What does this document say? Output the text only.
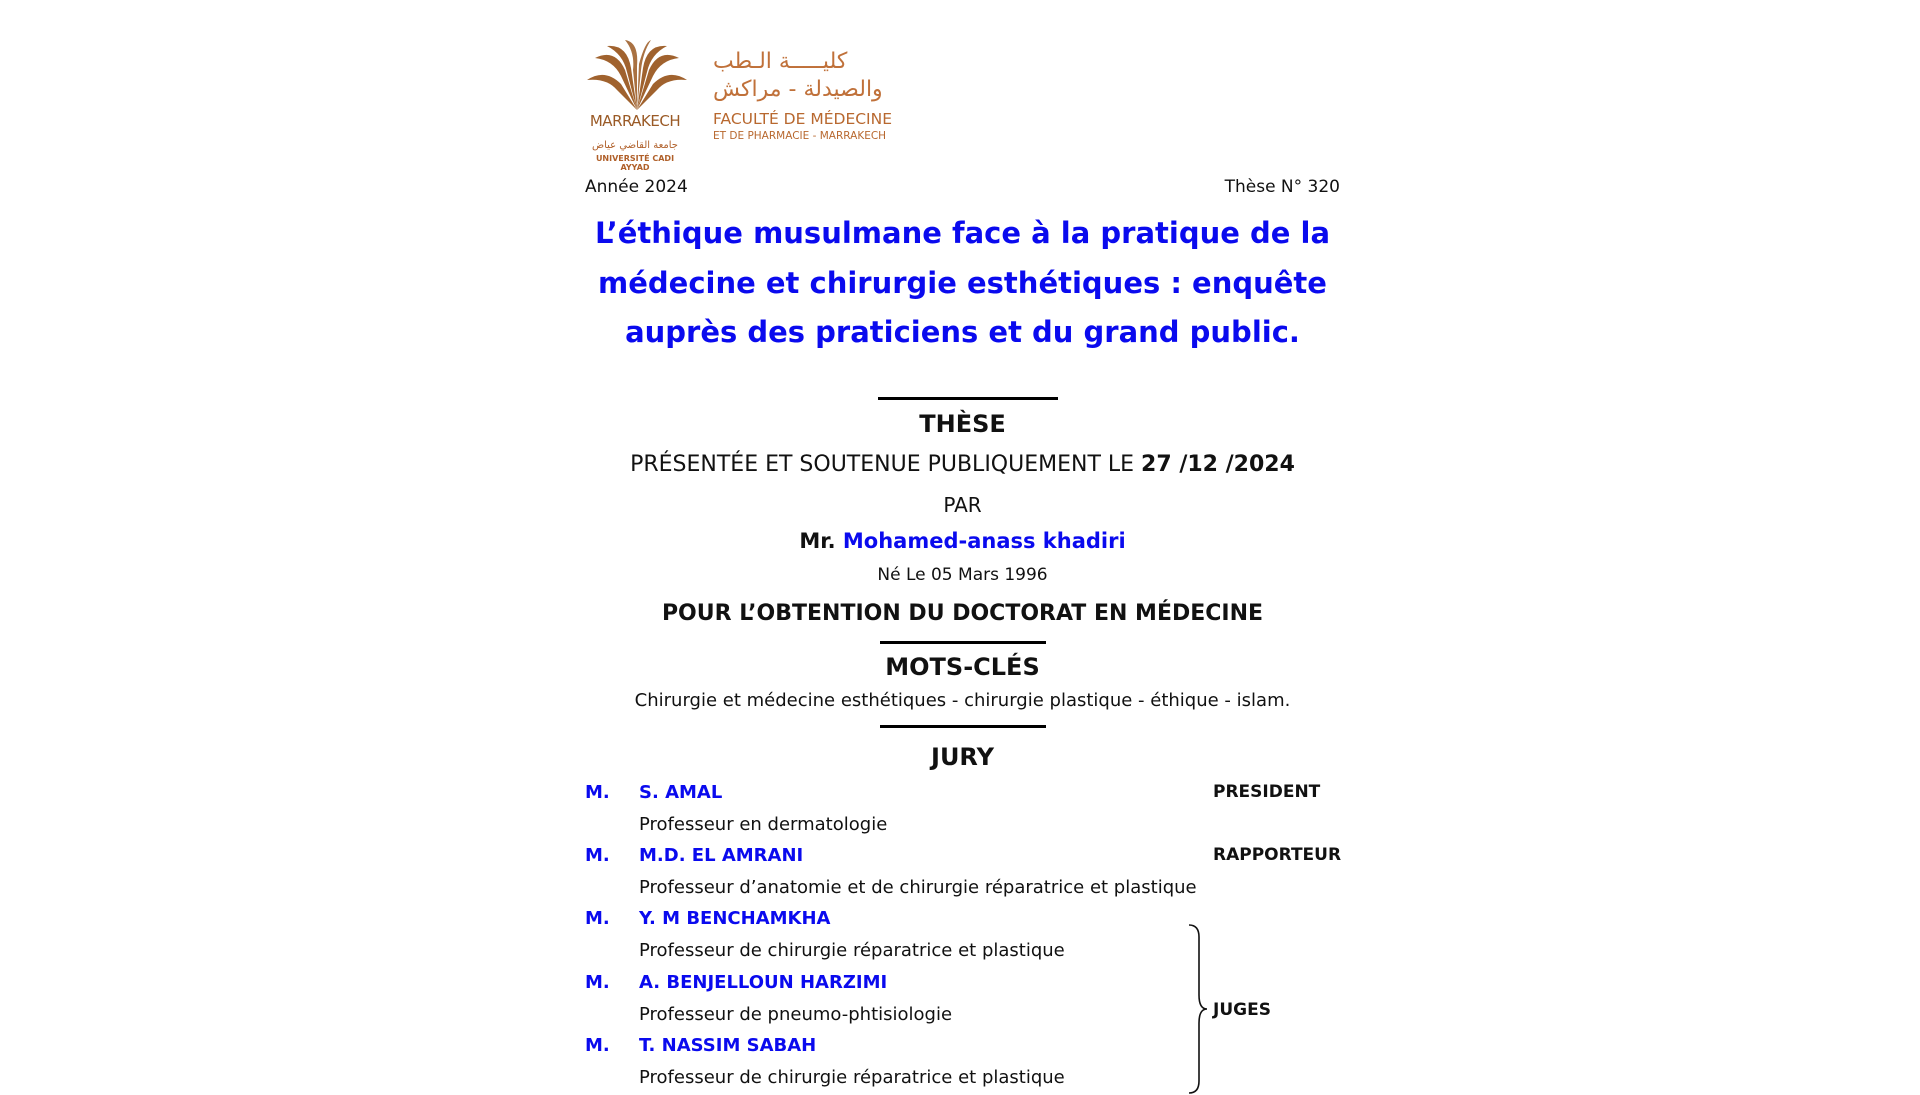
MARRAKECH
جامعة القاضي عياض
UNIVERSITÉ CADI AYYAD
كليـــــة الـطب
والصيدلة - مراكش
FACULTÉ DE MÉDECINE
ET DE PHARMACIE - MARRAKECH
Année 2024	Thèse N° 320
L’éthique musulmane face à la pratique de la
médecine et chirurgie esthétiques : enquête
auprès des praticiens et du grand public.
THÈSE
PRÉSENTÉE ET SOUTENUE PUBLIQUEMENT LE 27 /12 /2024
PAR
Mr. Mohamed-anass khadiri
Né Le 05 Mars 1996
POUR L’OBTENTION DU DOCTORAT EN MÉDECINE
MOTS-CLÉS
Chirurgie et médecine esthétiques - chirurgie plastique - éthique - islam.
JURY
M. S. AMAL	PRESIDENT
Professeur en dermatologie
M. M.D. EL AMRANI	RAPPORTEUR
Professeur d’anatomie et de chirurgie réparatrice et plastique
M. Y. M BENCHAMKHA
Professeur de chirurgie réparatrice et plastique
M. A. BENJELLOUN HARZIMI
Professeur de pneumo-phtisiologie
M. T. NASSIM SABAH
Professeur de chirurgie réparatrice et plastique
JUGES
